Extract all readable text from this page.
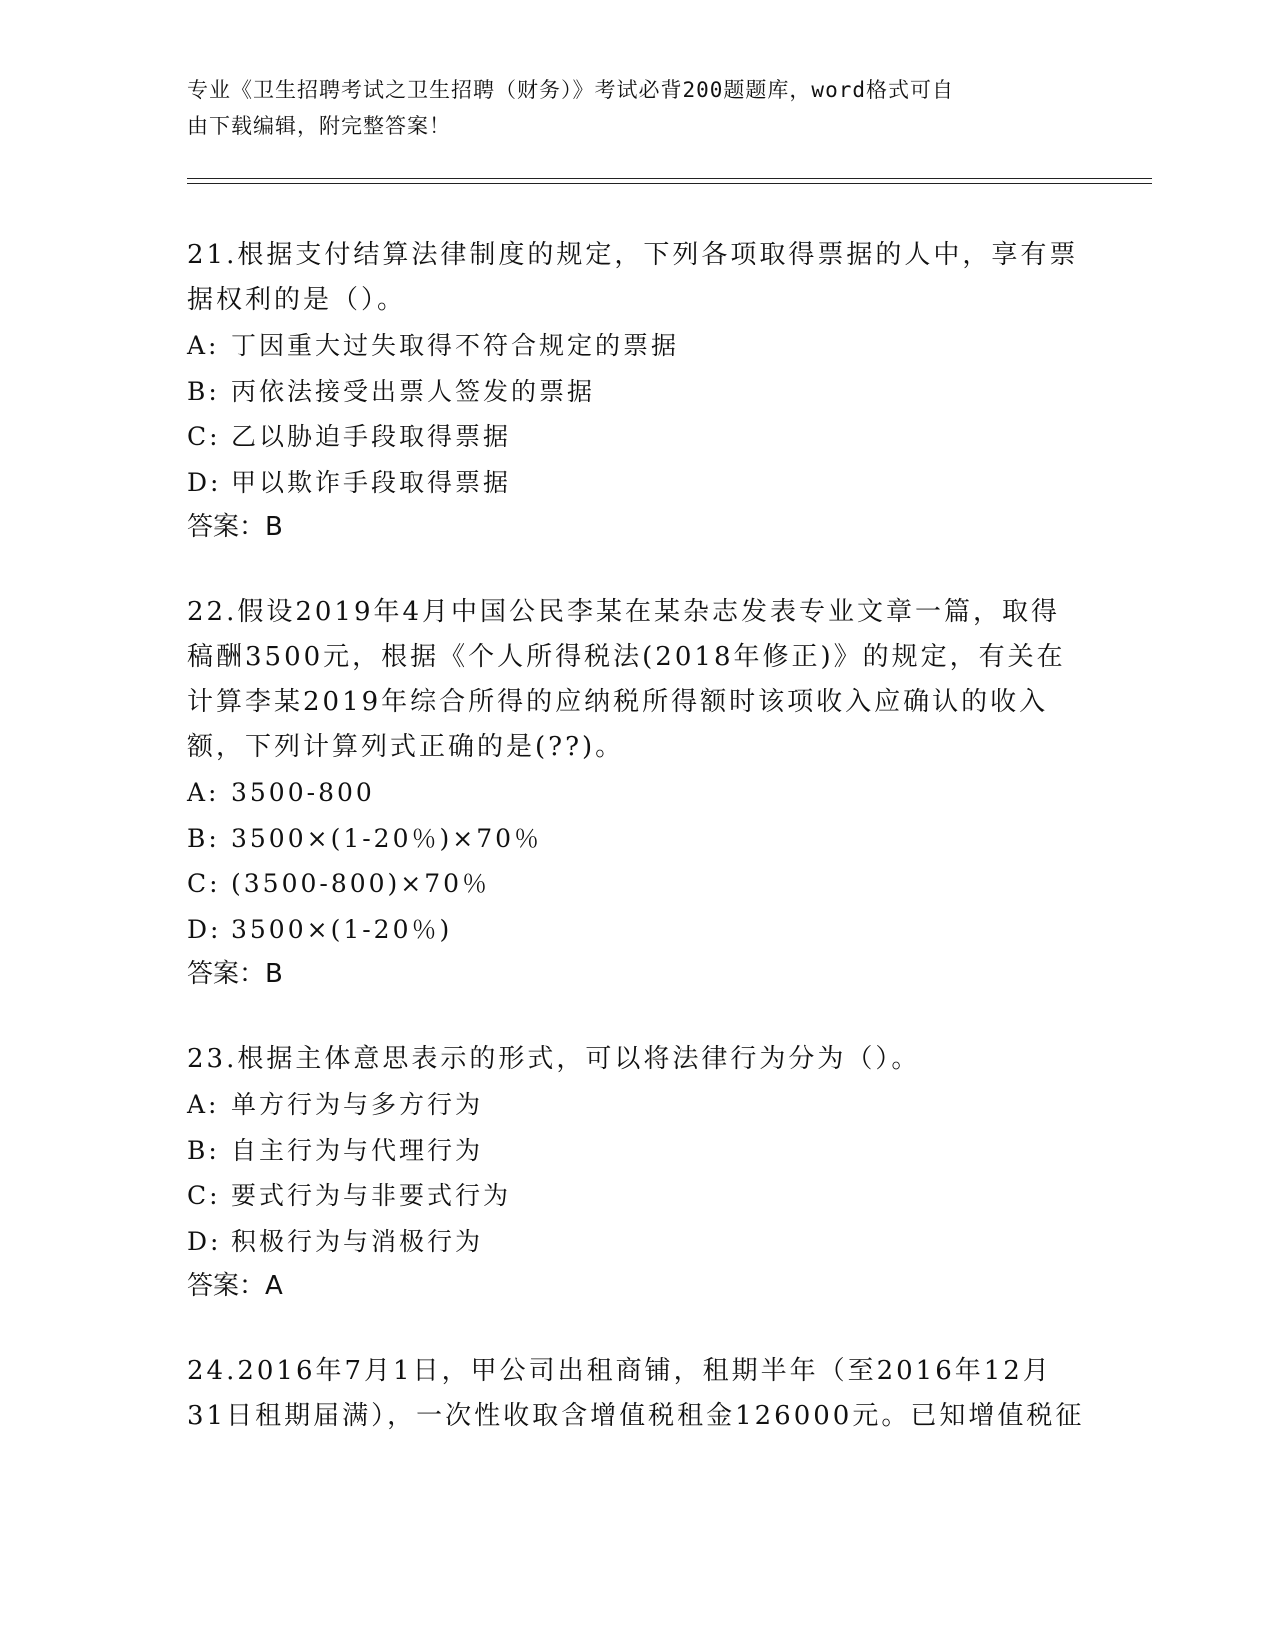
专业《卫生招聘考试之卫生招聘（财务）》考试必背200题题库，word格式可自
由下载编辑，附完整答案！

21.根据支付结算法律制度的规定，下列各项取得票据的人中，享有票据权利的是（）。

A: 丁因重大过失取得不符合规定的票据

B: 丙依法接受出票人签发的票据

C: 乙以胁迫手段取得票据

D: 甲以欺诈手段取得票据

答案：B

22.假设2019年4月中国公民李某在某杂志发表专业文章一篇，取得稿酬3500元，根据《个人所得税法(2018年修正)》的规定，有关在计算李某2019年综合所得的应纳税所得额时该项收入应确认的收入额，下列计算列式正确的是(??)。

A: 3500-800

B: 3500×(1-20％)×70％

C: (3500-800)×70％

D: 3500×(1-20％)

答案：B

23.根据主体意思表示的形式，可以将法律行为分为（）。

A: 单方行为与多方行为

B: 自主行为与代理行为

C: 要式行为与非要式行为

D: 积极行为与消极行为

答案：A

24.2016年7月1日，甲公司出租商铺，租期半年（至2016年12月31日租期届满），一次性收取含增值税租金126000元。已知增值税征
